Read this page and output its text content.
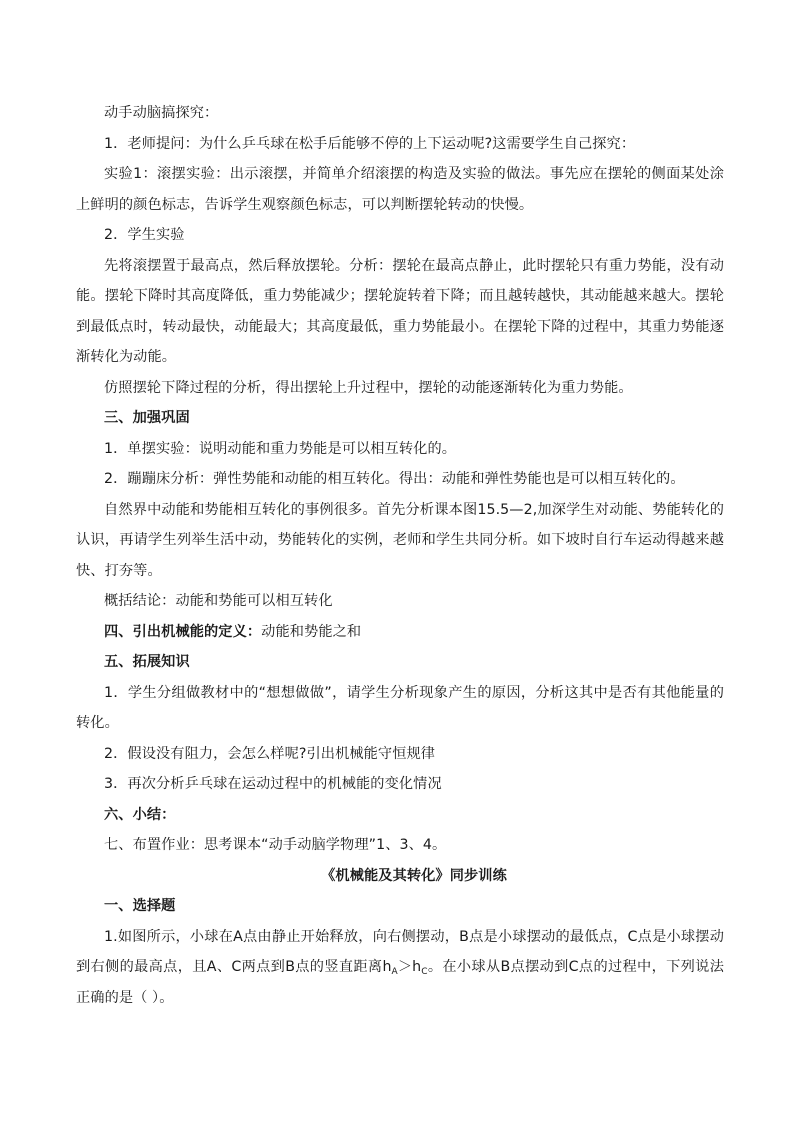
动手动脑搞探究：

1．老师提问：为什么乒乓球在松手后能够不停的上下运动呢?这需要学生自己探究：

实验1：滚摆实验：出示滚摆，并简单介绍滚摆的构造及实验的做法。事先应在摆轮的侧面某处涂上鲜明的颜色标志，告诉学生观察颜色标志，可以判断摆轮转动的快慢。

2．学生实验

先将滚摆置于最高点，然后释放摆轮。分析：摆轮在最高点静止，此时摆轮只有重力势能，没有动能。摆轮下降时其高度降低，重力势能减少；摆轮旋转着下降；而且越转越快，其动能越来越大。摆轮到最低点时，转动最快，动能最大；其高度最低，重力势能最小。在摆轮下降的过程中，其重力势能逐渐转化为动能。

仿照摆轮下降过程的分析，得出摆轮上升过程中，摆轮的动能逐渐转化为重力势能。

三、加强巩固

1．单摆实验：说明动能和重力势能是可以相互转化的。

2．蹦蹦床分析：弹性势能和动能的相互转化。得出：动能和弹性势能也是可以相互转化的。

自然界中动能和势能相互转化的事例很多。首先分析课本图15.5—2,加深学生对动能、势能转化的认识，再请学生列举生活中动，势能转化的实例，老师和学生共同分析。如下坡时自行车运动得越来越快、打夯等。

概括结论：动能和势能可以相互转化

四、引出机械能的定义：动能和势能之和

五、拓展知识

1．学生分组做教材中的“想想做做”，请学生分析现象产生的原因，分析这其中是否有其他能量的转化。

2．假设没有阻力，会怎么样呢?引出机械能守恒规律

3．再次分析乒乓球在运动过程中的机械能的变化情况

六、小结：

七、布置作业：思考课本“动手动脑学物理”1、3、4。

《机械能及其转化》同步训练

一、选择题

1.如图所示，小球在A点由静止开始释放，向右侧摆动，B点是小球摆动的最低点，C点是小球摆动到右侧的最高点，且A、C两点到B点的竖直距离$h_A>h_C$。在小球从B点摆动到C点的过程中，下列说法正确的是（ ）。
